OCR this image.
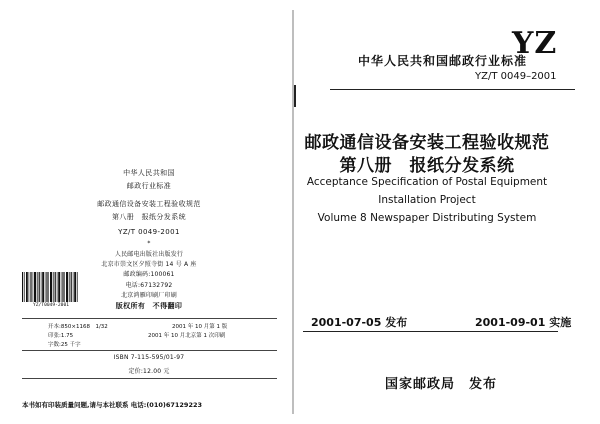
中华人民共和国
邮政行业标准
邮政通信设备安装工程验收规范
第八册　报纸分发系统
YZ/T 0049-2001
*
人民邮电出版社出版发行
北京市崇文区夕照寺街 14 号 A 座
邮政编码:100061
电话:67132792
北京鸿雁印刷厂印刷
版权所有　不得翻印
YZ/T0049-2001
开本:850×1168　1/32	2001 年 10 月第 1 版
印张:1.75	2001 年 10 月北京第 1 次印刷
字数:25 千字
ISBN 7-115-595/01-97
定价:12.00 元
本书如有印装质量问题,请与本社联系 电话:(010)67129223
YZ
中华人民共和国邮政行业标准
YZ/T 0049–2001
邮政通信设备安装工程验收规范
第八册　报纸分发系统
Acceptance Specification of Postal Equipment
Installation Project
Volume 8 Newspaper Distributing System
2001-07-05 发布	2001-09-01 实施
国家邮政局　发布
